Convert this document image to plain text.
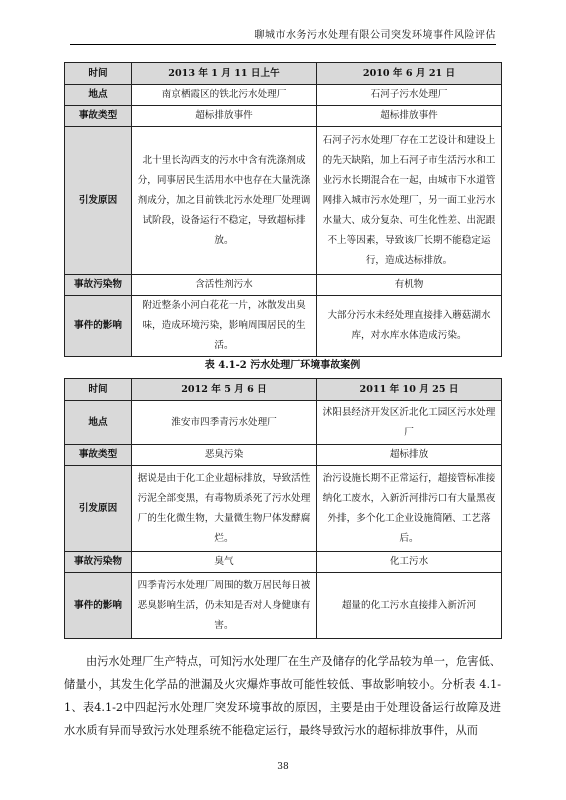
聊城市水务污水处理有限公司突发环境事件风险评估
时间	2013 年 1 月 11 日上午	2010 年 6 月 21 日
地点	南京栖霞区的铁北污水处理厂	石河子污水处理厂
事故类型	超标排放事件	超标排放事件
引发原因	北十里长沟西支的污水中含有洗涤剂成分，同事居民生活用水中也存在大量洗涤剂成分，加之目前铁北污水处理厂处理调试阶段，设备运行不稳定，导致超标排放。	石河子污水处理厂存在工艺设计和建设上的先天缺陷，加上石河子市生活污水和工业污水长期混合在一起，由城市下水道管网排入城市污水处理厂，另一面工业污水水量大、成分复杂、可生化性差、出泥跟不上等因素，导致该厂长期不能稳定运行，造成达标排放。
事故污染物	含活性剂污水	有机物
事件的影响	附近整条小河白花花一片，冰散发出臭味，造成环境污染，影响周围居民的生活。	大部分污水未经处理直接排入蘑菇湖水库，对水库水体造成污染。
表 4.1-2 污水处理厂环境事故案例
时间	2012 年 5 月 6 日	2011 年 10 月 25 日
地点	淮安市四季青污水处理厂	沭阳县经济开发区沂北化工园区污水处理厂
事故类型	恶臭污染	超标排放
引发原因	据说是由于化工企业超标排放，导致活性污泥全部变黑，有毒物质杀死了污水处理厂的生化微生物，大量微生物尸体发酵腐烂。	治污设施长期不正常运行，超接管标准接纳化工废水，入新沂河排污口有大量黑夜外排，多个化工企业设施简陋、工艺落后。
事故污染物	臭气	化工污水
事件的影响	四季青污水处理厂周围的数万居民每日被恶臭影响生活，仍未知是否对人身健康有害。	超量的化工污水直接排入新沂河
由污水处理厂生产特点，可知污水处理厂在生产及储存的化学品较为单一，危害低、储量小，其发生化学品的泄漏及火灾爆炸事故可能性较低、事故影响较小。分析表 4.1-1、表4.1-2中四起污水处理厂突发环境事故的原因，主要是由于处理设备运行故障及进水水质有异而导致污水处理系统不能稳定运行，最终导致污水的超标排放事件，从而
38
